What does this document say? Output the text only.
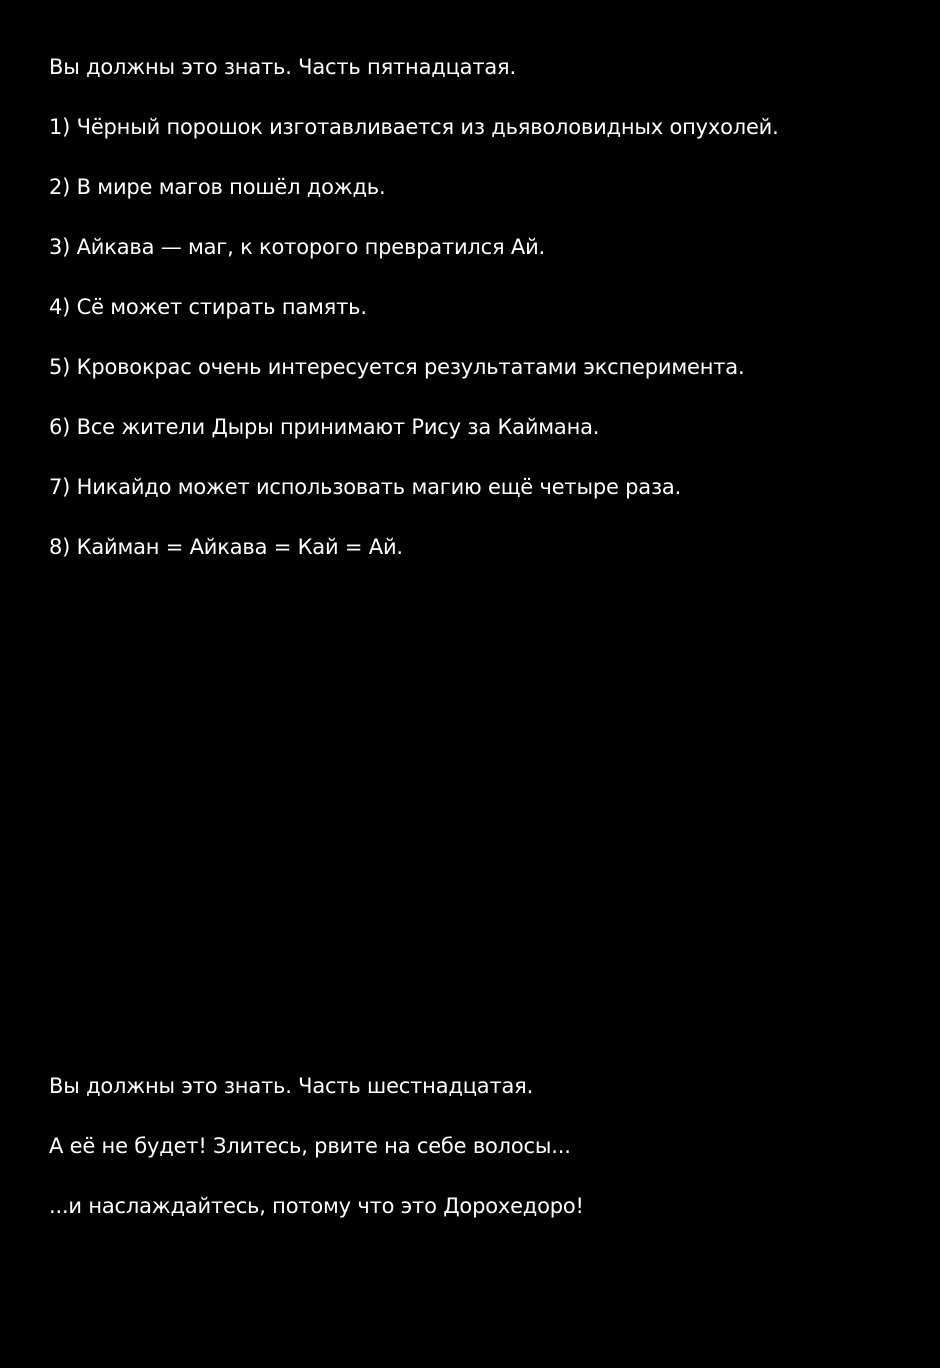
Вы должны это знать. Часть пятнадцатая.
1) Чёрный порошок изготавливается из дьяволовидных опухолей.
2) В мире магов пошёл дождь.
3) Айкава — маг, к которого превратился Ай.
4) Сё может стирать память.
5) Кровокрас очень интересуется результатами эксперимента.
6) Все жители Дыры принимают Рису за Каймана.
7) Никайдо может использовать магию ещё четыре раза.
8) Кайман = Айкава = Кай = Ай.
Вы должны это знать. Часть шестнадцатая.
А её не будет! Злитесь, рвите на себе волосы...
...и наслаждайтесь, потому что это Дорохедоро!
